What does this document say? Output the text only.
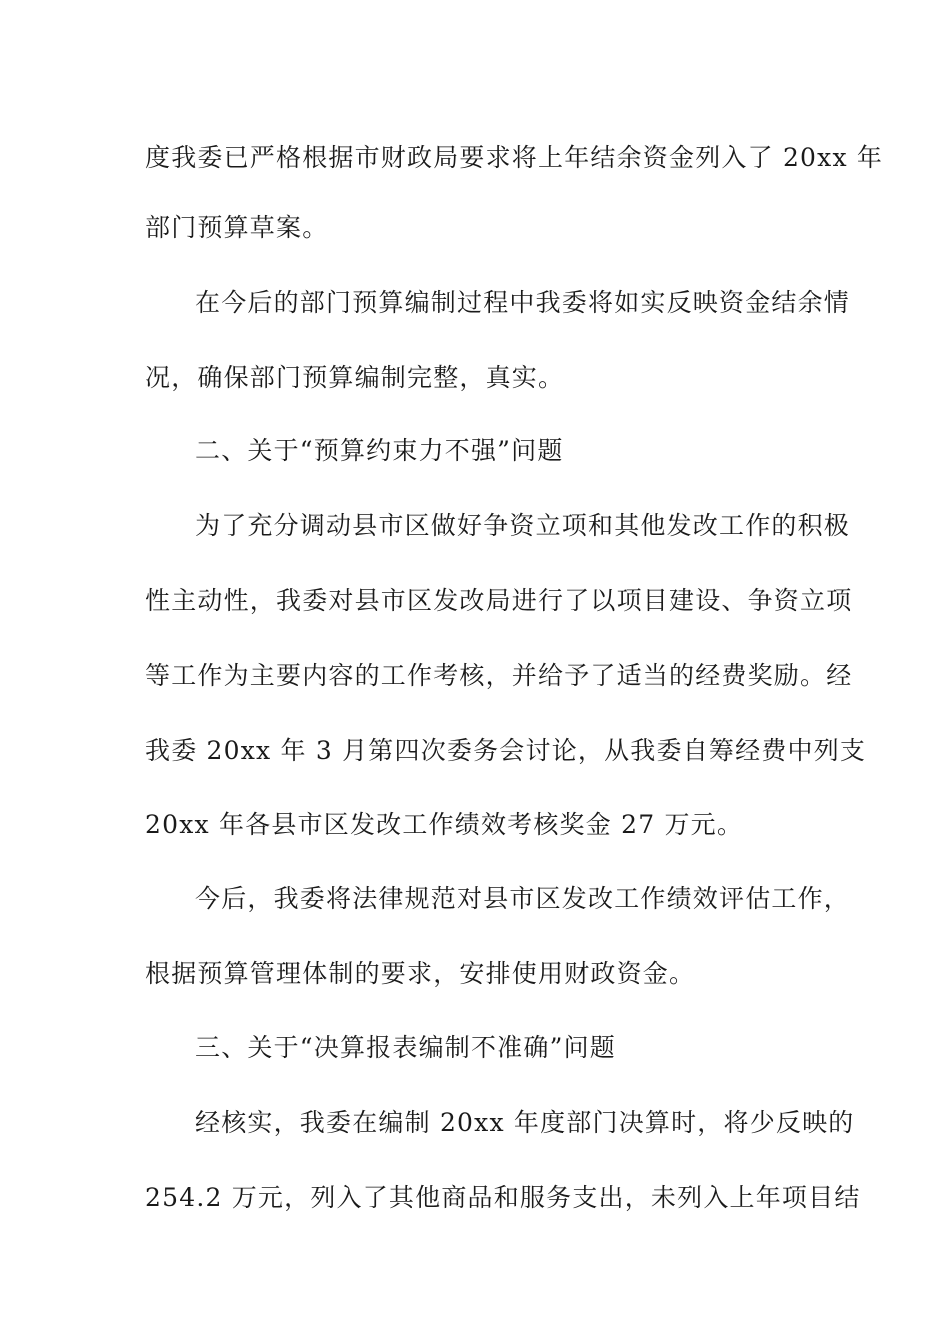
度我委已严格根据市财政局要求将上年结余资金列入了 20xx 年
部门预算草案。
在今后的部门预算编制过程中我委将如实反映资金结余情
况，确保部门预算编制完整，真实。
二、关于“预算约束力不强”问题
为了充分调动县市区做好争资立项和其他发改工作的积极
性主动性，我委对县市区发改局进行了以项目建设、争资立项
等工作为主要内容的工作考核，并给予了适当的经费奖励。经
我委 20xx 年 3 月第四次委务会讨论，从我委自筹经费中列支
20xx 年各县市区发改工作绩效考核奖金 27 万元。
今后，我委将法律规范对县市区发改工作绩效评估工作，
根据预算管理体制的要求，安排使用财政资金。
三、关于“决算报表编制不准确”问题
经核实，我委在编制 20xx 年度部门决算时，将少反映的
254.2 万元，列入了其他商品和服务支出，未列入上年项目结
